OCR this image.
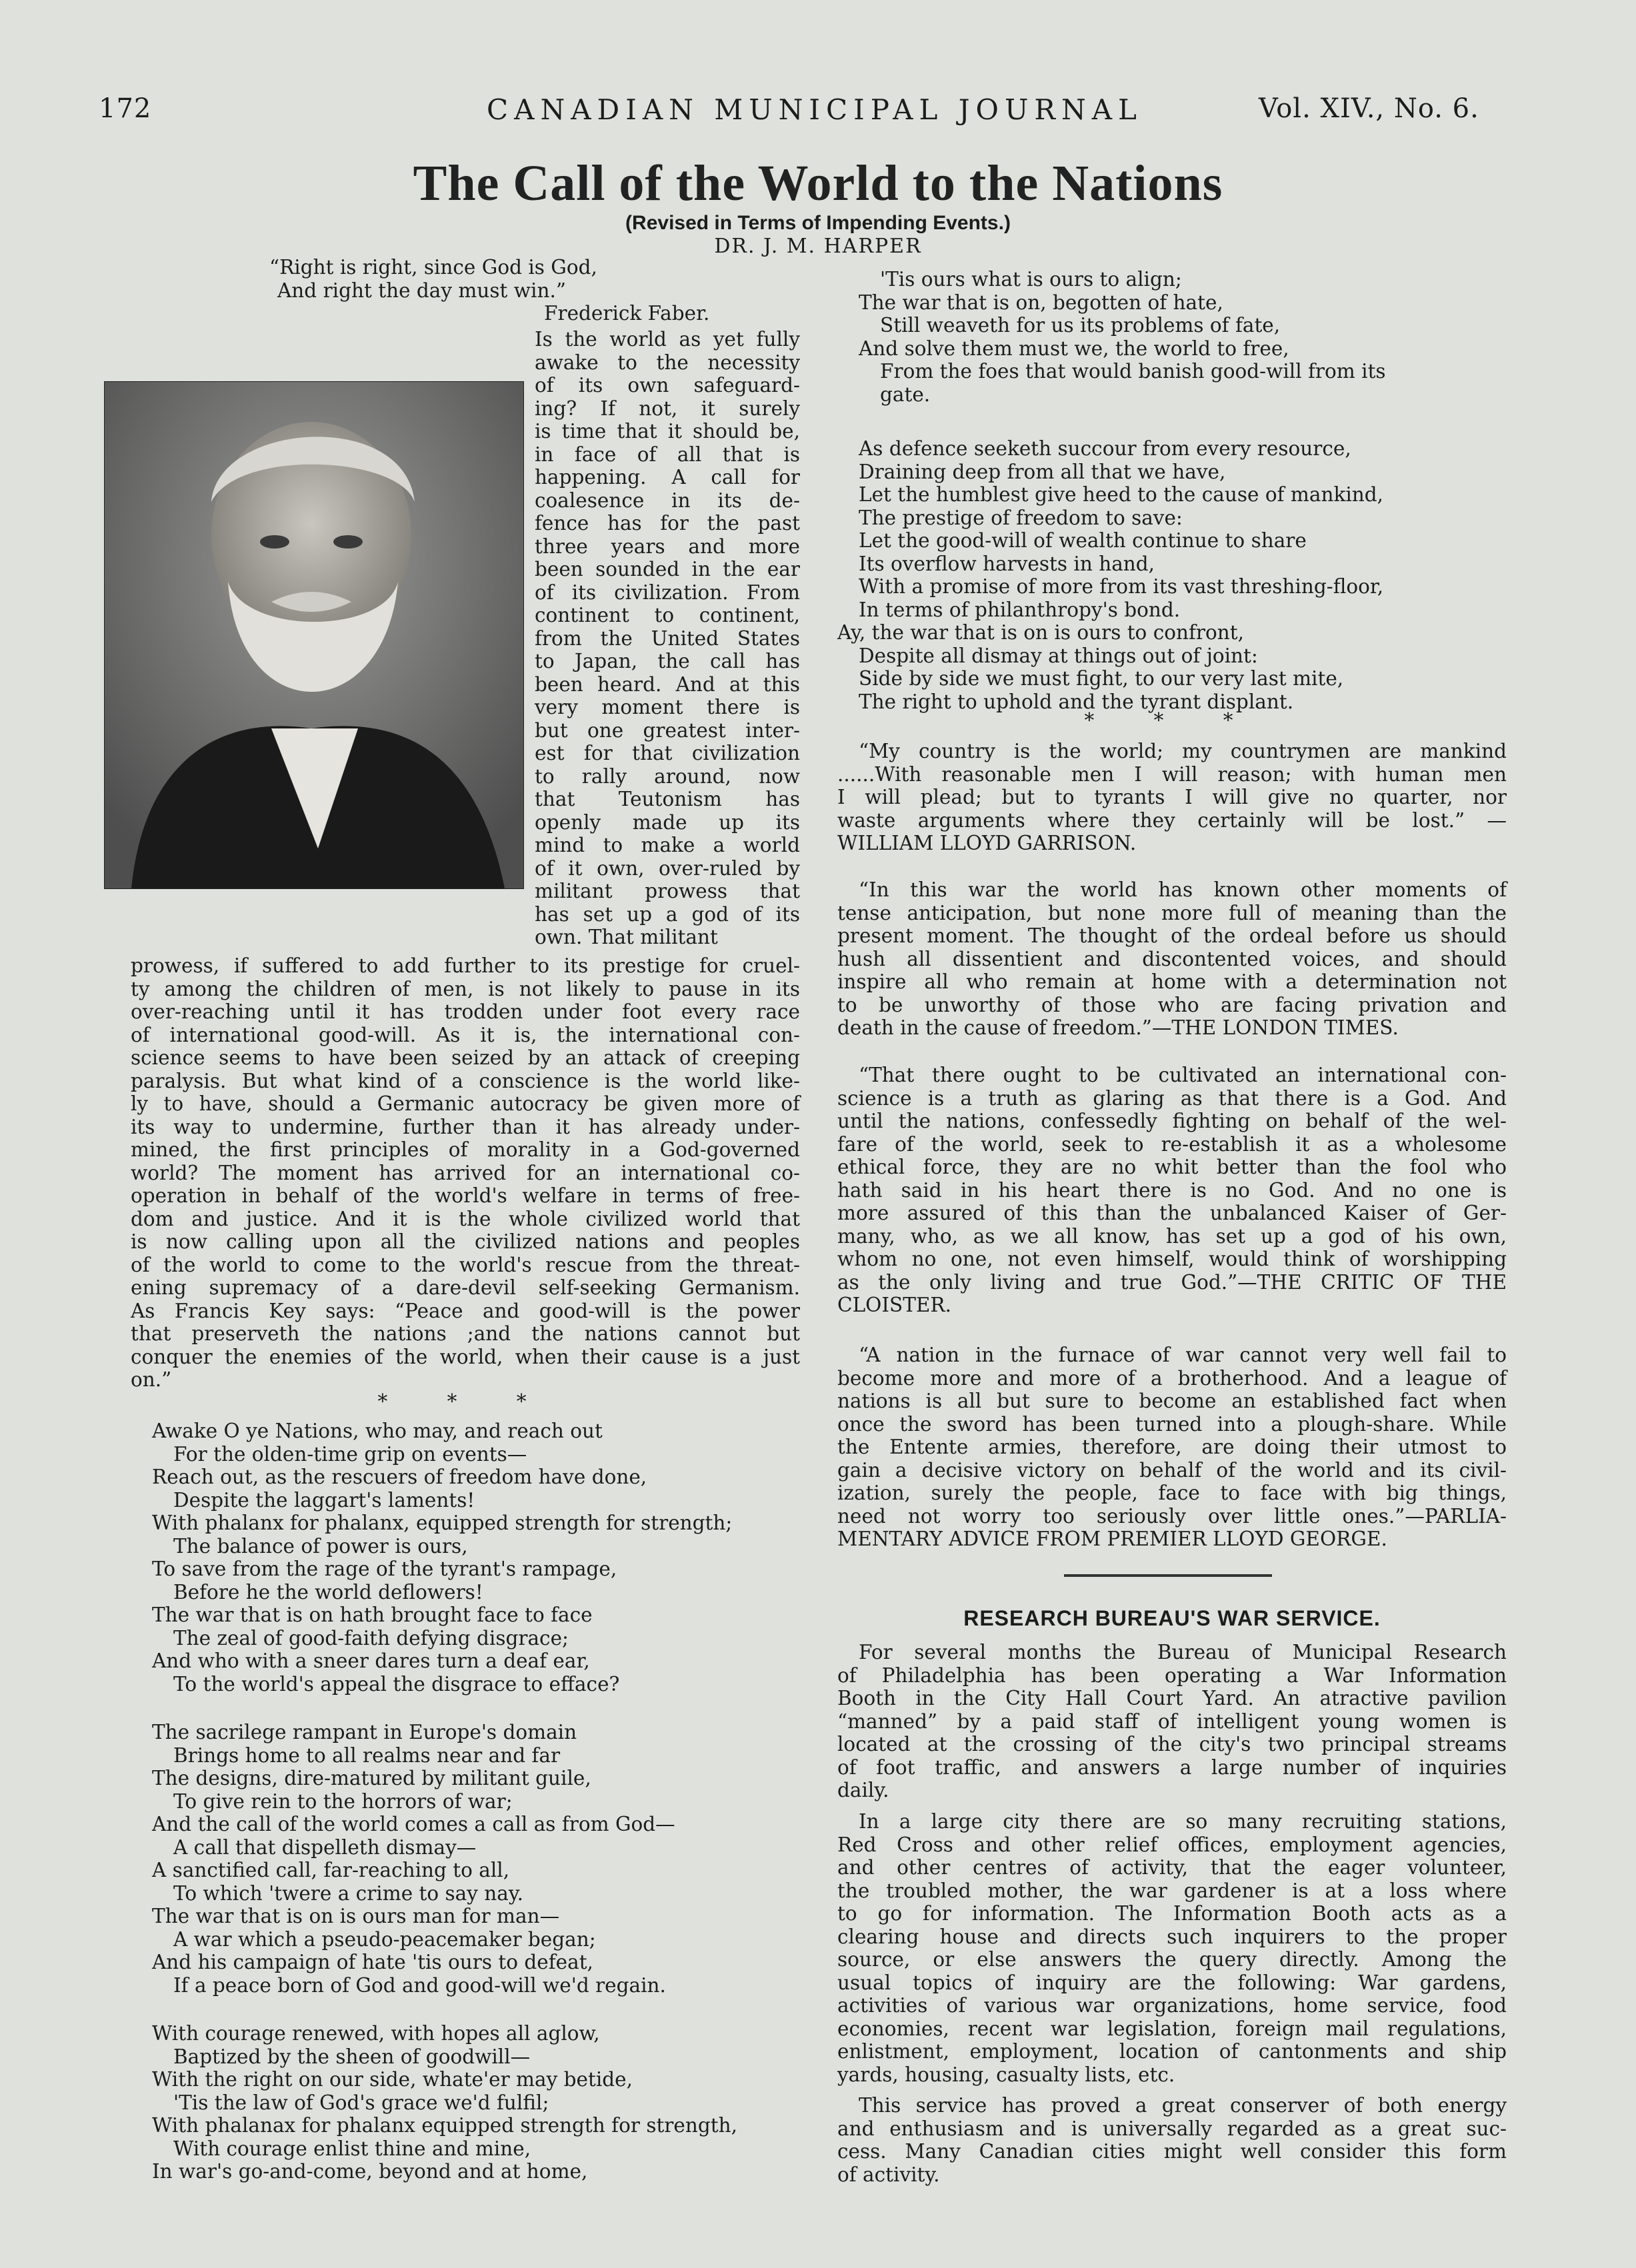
172	CANADIAN MUNICIPAL JOURNAL	Vol. XIV., No. 6.
The Call of the World to the Nations
(Revised in Terms of Impending Events.)
DR. J. M. HARPER
“Right is right, since God is God,
And right the day must win.”
Frederick Faber.
Is the world as yet fully
awake to the necessity
of its own safeguard-
ing? If not, it surely
is time that it should be,
in face of all that is
happening. A call for
coalesence in its de-
fence has for the past
three years and more
been sounded in the ear
of its civilization. From
continent to continent,
from the United States
to Japan, the call has
been heard. And at this
very moment there is
but one greatest inter-
est for that civilization
to rally around, now
that Teutonism has
openly made up its
mind to make a world
of it own, over-ruled by
militant prowess that
has set up a god of its
own. That militant
prowess, if suffered to add further to its prestige for cruel-
ty among the children of men, is not likely to pause in its
over-reaching until it has trodden under foot every race
of international good-will. As it is, the international con-
science seems to have been seized by an attack of creeping
paralysis. But what kind of a conscience is the world like-
ly to have, should a Germanic autocracy be given more of
its way to undermine, further than it has already under-
mined, the first principles of morality in a God-governed
world? The moment has arrived for an international co-
operation in behalf of the world's welfare in terms of free-
dom and justice. And it is the whole civilized world that
is now calling upon all the civilized nations and peoples
of the world to come to the world's rescue from the threat-
ening supremacy of a dare-devil self-seeking Germanism.
As Francis Key says: “Peace and good-will is the power
that preserveth the nations ;and the nations cannot but
conquer the enemies of the world, when their cause is a just
on.”
* * *
Awake O ye Nations, who may, and reach out
For the olden-time grip on events—
Reach out, as the rescuers of freedom have done,
Despite the laggart's laments!
With phalanx for phalanx, equipped strength for strength;
The balance of power is ours,
To save from the rage of the tyrant's rampage,
Before he the world deflowers!
The war that is on hath brought face to face
The zeal of good-faith defying disgrace;
And who with a sneer dares turn a deaf ear,
To the world's appeal the disgrace to efface?
The sacrilege rampant in Europe's domain
Brings home to all realms near and far
The designs, dire-matured by militant guile,
To give rein to the horrors of war;
And the call of the world comes a call as from God—
A call that dispelleth dismay—
A sanctified call, far-reaching to all,
To which 'twere a crime to say nay.
The war that is on is ours man for man—
A war which a pseudo-peacemaker began;
And his campaign of hate 'tis ours to defeat,
If a peace born of God and good-will we'd regain.
With courage renewed, with hopes all aglow,
Baptized by the sheen of goodwill—
With the right on our side, whate'er may betide,
'Tis the law of God's grace we'd fulfil;
With phalanax for phalanx equipped strength for strength,
With courage enlist thine and mine,
In war's go-and-come, beyond and at home,
'Tis ours what is ours to align;
The war that is on, begotten of hate,
Still weaveth for us its problems of fate,
And solve them must we, the world to free,
From the foes that would banish good-will from its
gate.
As defence seeketh succour from every resource,
Draining deep from all that we have,
Let the humblest give heed to the cause of mankind,
The prestige of freedom to save:
Let the good-will of wealth continue to share
Its overflow harvests in hand,
With a promise of more from its vast threshing-floor,
In terms of philanthropy's bond.
Ay, the war that is on is ours to confront,
Despite all dismay at things out of joint:
Side by side we must fight, to our very last mite,
The right to uphold and the tyrant displant.
* * *
“My country is the world; my countrymen are mankind
......With reasonable men I will reason; with human men
I will plead; but to tyrants I will give no quarter, nor
waste arguments where they certainly will be lost.” —
WILLIAM LLOYD GARRISON.
“In this war the world has known other moments of
tense anticipation, but none more full of meaning than the
present moment. The thought of the ordeal before us should
hush all dissentient and discontented voices, and should
inspire all who remain at home with a determination not
to be unworthy of those who are facing privation and
death in the cause of freedom.”—THE LONDON TIMES.
“That there ought to be cultivated an international con-
science is a truth as glaring as that there is a God. And
until the nations, confessedly fighting on behalf of the wel-
fare of the world, seek to re-establish it as a wholesome
ethical force, they are no whit better than the fool who
hath said in his heart there is no God. And no one is
more assured of this than the unbalanced Kaiser of Ger-
many, who, as we all know, has set up a god of his own,
whom no one, not even himself, would think of worshipping
as the only living and true God.”—THE CRITIC OF THE
CLOISTER.
“A nation in the furnace of war cannot very well fail to
become more and more of a brotherhood. And a league of
nations is all but sure to become an established fact when
once the sword has been turned into a plough-share. While
the Entente armies, therefore, are doing their utmost to
gain a decisive victory on behalf of the world and its civil-
ization, surely the people, face to face with big things,
need not worry too seriously over little ones.”—PARLIA-
MENTARY ADVICE FROM PREMIER LLOYD GEORGE.
RESEARCH BUREAU'S WAR SERVICE.
For several months the Bureau of Municipal Research
of Philadelphia has been operating a War Information
Booth in the City Hall Court Yard. An atractive pavilion
“manned” by a paid staff of intelligent young women is
located at the crossing of the city's two principal streams
of foot traffic, and answers a large number of inquiries
daily.
In a large city there are so many recruiting stations,
Red Cross and other relief offices, employment agencies,
and other centres of activity, that the eager volunteer,
the troubled mother, the war gardener is at a loss where
to go for information. The Information Booth acts as a
clearing house and directs such inquirers to the proper
source, or else answers the query directly. Among the
usual topics of inquiry are the following: War gardens,
activities of various war organizations, home service, food
economies, recent war legislation, foreign mail regulations,
enlistment, employment, location of cantonments and ship
yards, housing, casualty lists, etc.
This service has proved a great conserver of both energy
and enthusiasm and is universally regarded as a great suc-
cess. Many Canadian cities might well consider this form
of activity.
